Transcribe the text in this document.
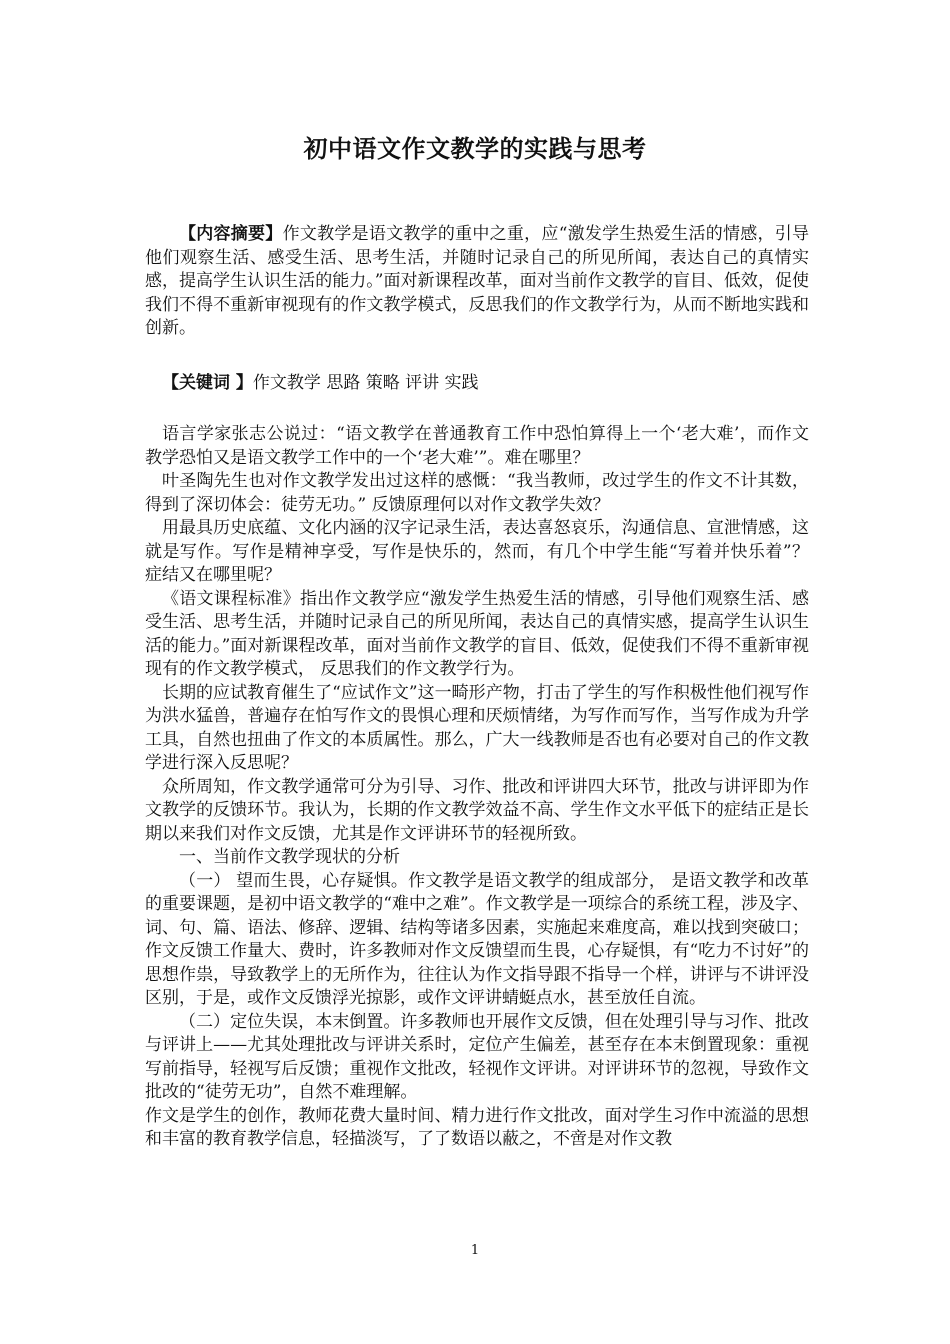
初中语文作文教学的实践与思考

【内容摘要】作文教学是语文教学的重中之重，应“激发学生热爱生活的情感，引导他们观察生活、感受生活、思考生活，并随时记录自己的所见所闻，表达自己的真情实感，提高学生认识生活的能力。”面对新课程改革，面对当前作文教学的盲目、低效，促使我们不得不重新审视现有的作文教学模式，反思我们的作文教学行为，从而不断地实践和创新。

【关键词 】作文教学 思路 策略 评讲 实践

语言学家张志公说过：“语文教学在普通教育工作中恐怕算得上一个‘老大难’，而作文教学恐怕又是语文教学工作中的一个‘老大难’”。难在哪里？

叶圣陶先生也对作文教学发出过这样的感慨：“我当教师，改过学生的作文不计其数，得到了深切体会：徒劳无功。” 反馈原理何以对作文教学失效？

用最具历史底蕴、文化内涵的汉字记录生活，表达喜怒哀乐，沟通信息、宣泄情感，这就是写作。写作是精神享受，写作是快乐的，然而，有几个中学生能“写着并快乐着”？ 症结又在哪里呢？

《语文课程标准》指出作文教学应“激发学生热爱生活的情感，引导他们观察生活、感受生活、思考生活，并随时记录自己的所见所闻，表达自己的真情实感，提高学生认识生活的能力。”面对新课程改革，面对当前作文教学的盲目、低效，促使我们不得不重新审视现有的作文教学模式， 反思我们的作文教学行为。

长期的应试教育催生了“应试作文”这一畸形产物，打击了学生的写作积极性他们视写作为洪水猛兽，普遍存在怕写作文的畏惧心理和厌烦情绪，为写作而写作，当写作成为升学工具，自然也扭曲了作文的本质属性。那么，广大一线教师是否也有必要对自己的作文教学进行深入反思呢？

众所周知，作文教学通常可分为引导、习作、批改和评讲四大环节，批改与讲评即为作文教学的反馈环节。我认为，长期的作文教学效益不高、学生作文水平低下的症结正是长期以来我们对作文反馈，尤其是作文评讲环节的轻视所致。

一、当前作文教学现状的分析

（一） 望而生畏，心存疑惧。作文教学是语文教学的组成部分， 是语文教学和改革的重要课题，是初中语文教学的“难中之难”。作文教学是一项综合的系统工程，涉及字、词、句、篇、语法、修辞、逻辑、结构等诸多因素，实施起来难度高，难以找到突破口；作文反馈工作量大、费时，许多教师对作文反馈望而生畏，心存疑惧，有“吃力不讨好”的思想作祟，导致教学上的无所作为，往往认为作文指导跟不指导一个样，讲评与不讲评没区别，于是，或作文反馈浮光掠影，或作文评讲蜻蜓点水，甚至放任自流。

（二）定位失误，本末倒置。许多教师也开展作文反馈，但在处理引导与习作、批改与评讲上——尤其处理批改与评讲关系时，定位产生偏差，甚至存在本末倒置现象：重视写前指导，轻视写后反馈；重视作文批改，轻视作文评讲。对评讲环节的忽视，导致作文批改的“徒劳无功”，自然不难理解。

作文是学生的创作，教师花费大量时间、精力进行作文批改，面对学生习作中流溢的思想和丰富的教育教学信息，轻描淡写，了了数语以蔽之，不啻是对作文教

1
